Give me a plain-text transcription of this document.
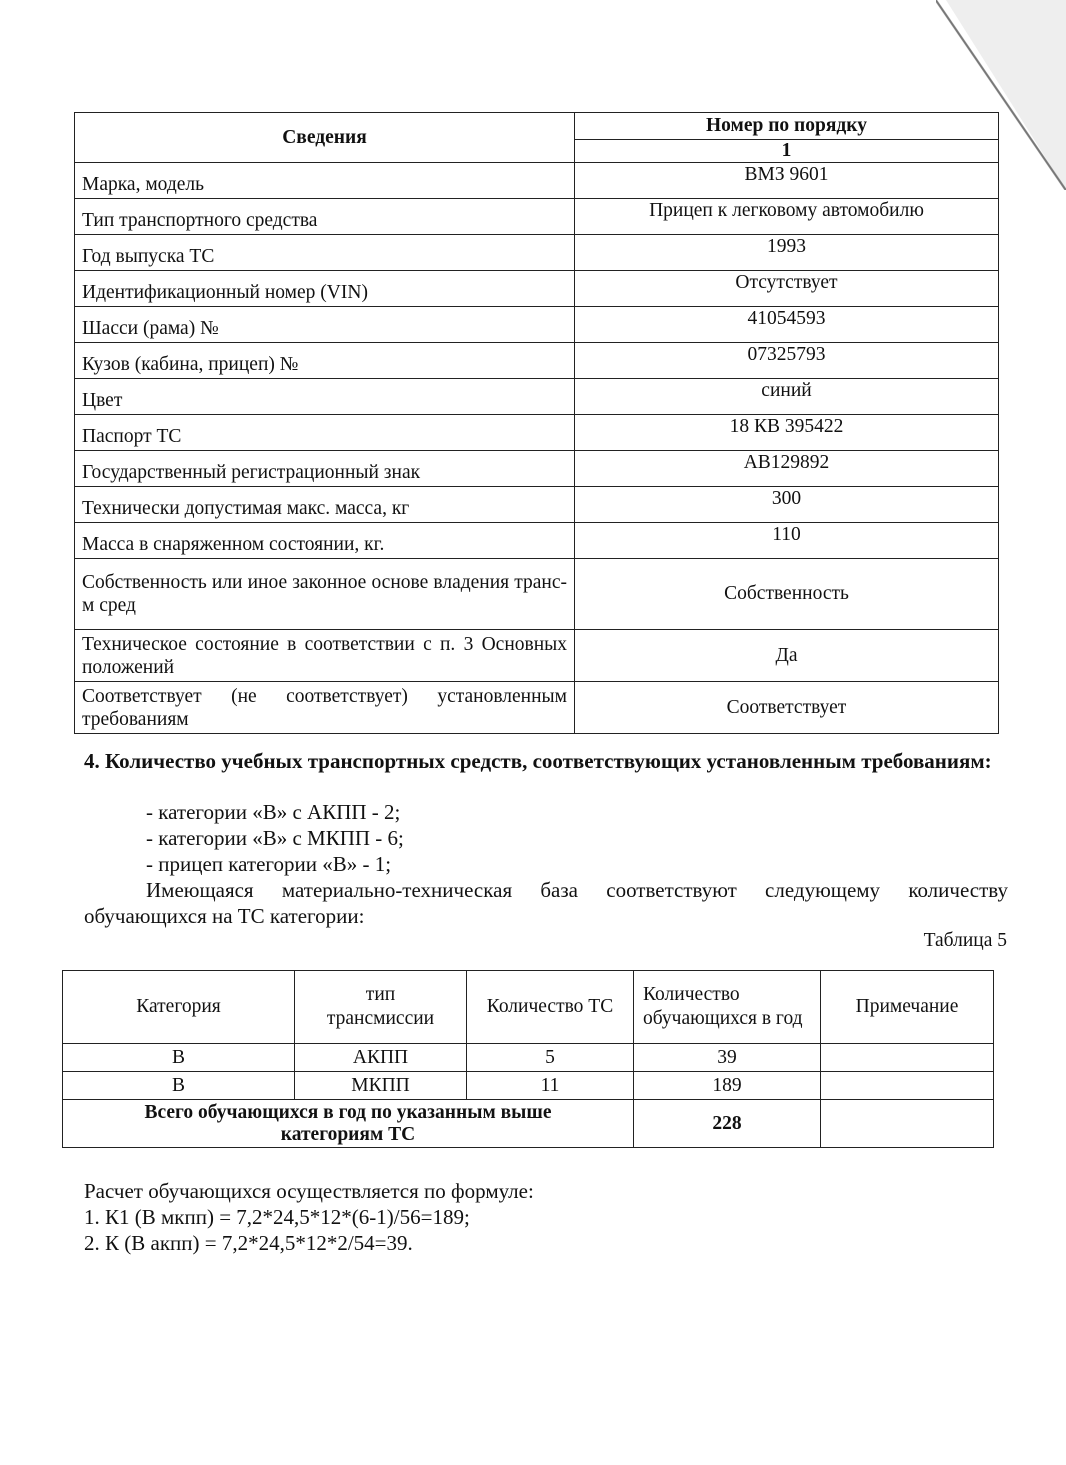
Сведения	Номер по порядку
	1
Марка, модель	ВМЗ 9601
Тип транспортного средства	Прицеп к легковому автомобилю
Год выпуска ТС	1993
Идентификационный номер (VIN)	Отсутствует
Шасси (рама) №	41054593
Кузов (кабина, прицеп) №	07325793
Цвет	синий
Паспорт ТС	18 КВ 395422
Государственный регистрационный знак	АВ129892
Технически допустимая макс. масса, кг	300
Масса в снаряженном состоянии, кг.	110
Собственность или иное законное основе владения транс-м сред	Собственность
Техническое состояние в соответствии с п. 3 Основных положений	Да
Соответствует (не соответствует) установленным требованиям	Соответствует
4. Количество учебных транспортных средств, соответствующих установленным требованиям:
- категории «В» с АКПП - 2;
- категории «В» с МКПП - 6;
- прицеп категории «В» - 1;
Имеющаяся материально-техническая база соответствуют следующему количеству обучающихся на ТС категории:
Таблица 5
Категория	тип трансмиссии	Количество ТС	Количество обучающихся в год	Примечание
В	АКПП	5	39	
В	МКПП	11	189	
Всего обучающихся в год по указанным выше категориям ТС			228	
Расчет обучающихся осуществляется по формуле:
1. К1 (В мкпп) = 7,2*24,5*12*(6-1)/56=189;
2. К (В акпп) = 7,2*24,5*12*2/54=39.
